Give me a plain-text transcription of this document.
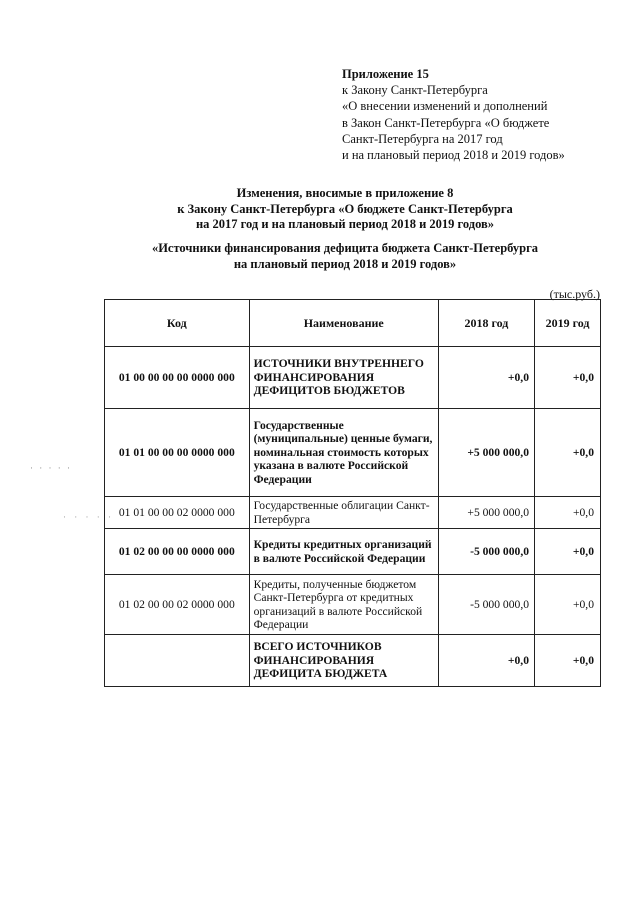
Приложение 15
к Закону Санкт-Петербурга
«О внесении изменений и дополнений
в Закон Санкт-Петербурга «О бюджете
Санкт-Петербурга на 2017 год
и на плановый период 2018 и 2019 годов»
Изменения, вносимые в приложение 8
к Закону Санкт-Петербурга «О бюджете Санкт-Петербурга
на 2017 год и на плановый период 2018 и 2019 годов»
«Источники финансирования дефицита бюджета Санкт-Петербурга
на плановый период 2018 и 2019 годов»
(тыс.руб.)
· · · · ·
· · · · ·
Код	Наименование	2018 год	2019 год
01 00 00 00 00 0000 000	ИСТОЧНИКИ ВНУТРЕННЕГО ФИНАНСИРОВАНИЯ ДЕФИЦИТОВ БЮДЖЕТОВ	+0,0	+0,0
01 01 00 00 00 0000 000	Государственные (муниципальные) ценные бумаги, номинальная стоимость которых указана в валюте Российской Федерации	+5 000 000,0	+0,0
01 01 00 00 02 0000 000	Государственные облигации Санкт-Петербурга	+5 000 000,0	+0,0
01 02 00 00 00 0000 000	Кредиты кредитных организаций в валюте Российской Федерации	-5 000 000,0	+0,0
01 02 00 00 02 0000 000	Кредиты, полученные бюджетом Санкт-Петербурга от кредитных организаций в валюте Российской Федерации	-5 000 000,0	+0,0
	ВСЕГО ИСТОЧНИКОВ ФИНАНСИРОВАНИЯ ДЕФИЦИТА БЮДЖЕТА	+0,0	+0,0
